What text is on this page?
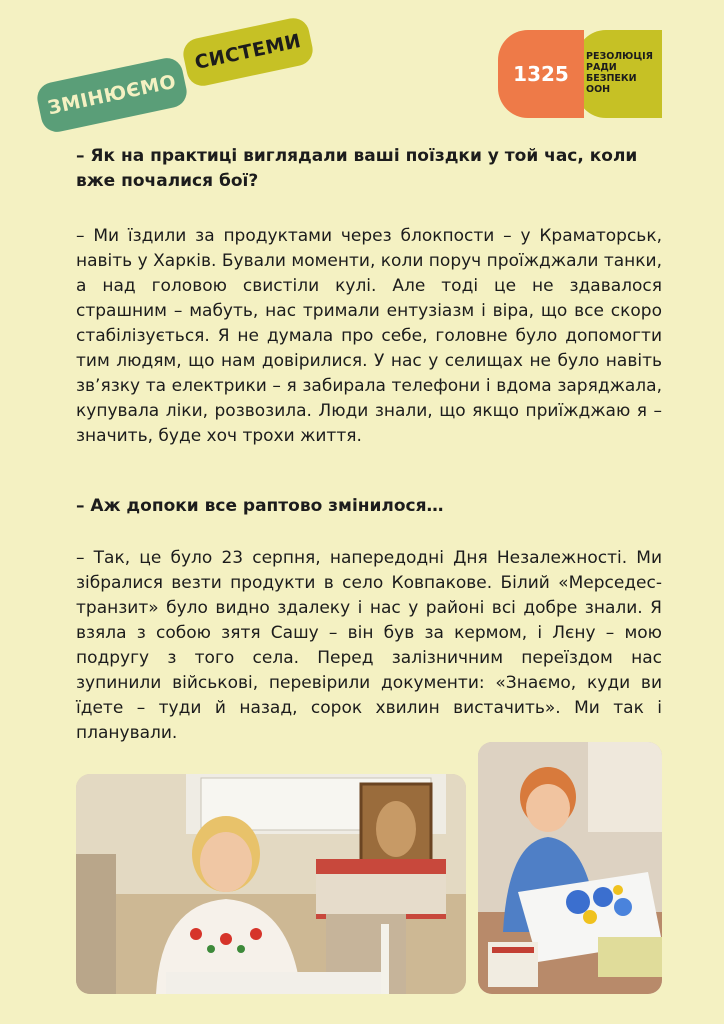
ЗМІНЮЄМО
СИСТЕМИ	РЕЗОЛЮЦІЯ
РАДИ
БЕЗПЕКИ
ООН
1325

– Як на практиці виглядали ваші поїздки у той час, коли вже почалися бої?

– Ми їздили за продуктами через блокпости – у Краматорськ, навіть у Харків. Бували моменти, коли поруч проїжджали танки, а над головою свистіли кулі. Але тоді це не здавалося страшним – мабуть, нас тримали ентузіазм і віра, що все скоро стабілізується. Я не думала про себе, головне було допомогти тим людям, що нам довірилися. У нас у селищах не було навіть зв’язку та електрики – я забирала телефони і вдома заряджала, купувала ліки, розвозила. Люди знали, що якщо приїжджаю я – значить, буде хоч трохи життя.

– Аж допоки все раптово змінилося…

– Так, це було 23 серпня, напередодні Дня Незалежності. Ми зібралися везти продукти в село Ковпакове. Білий «Мерседес-транзит» було видно здалеку і нас у районі всі добре знали. Я взяла з собою зятя Сашу – він був за кермом, і Лєну – мою подругу з того села. Перед залізничним переїздом нас зупинили військові, перевірили документи: «Знаємо, куди ви їдете – туди й назад, сорок хвилин вистачить». Ми так і планували.
